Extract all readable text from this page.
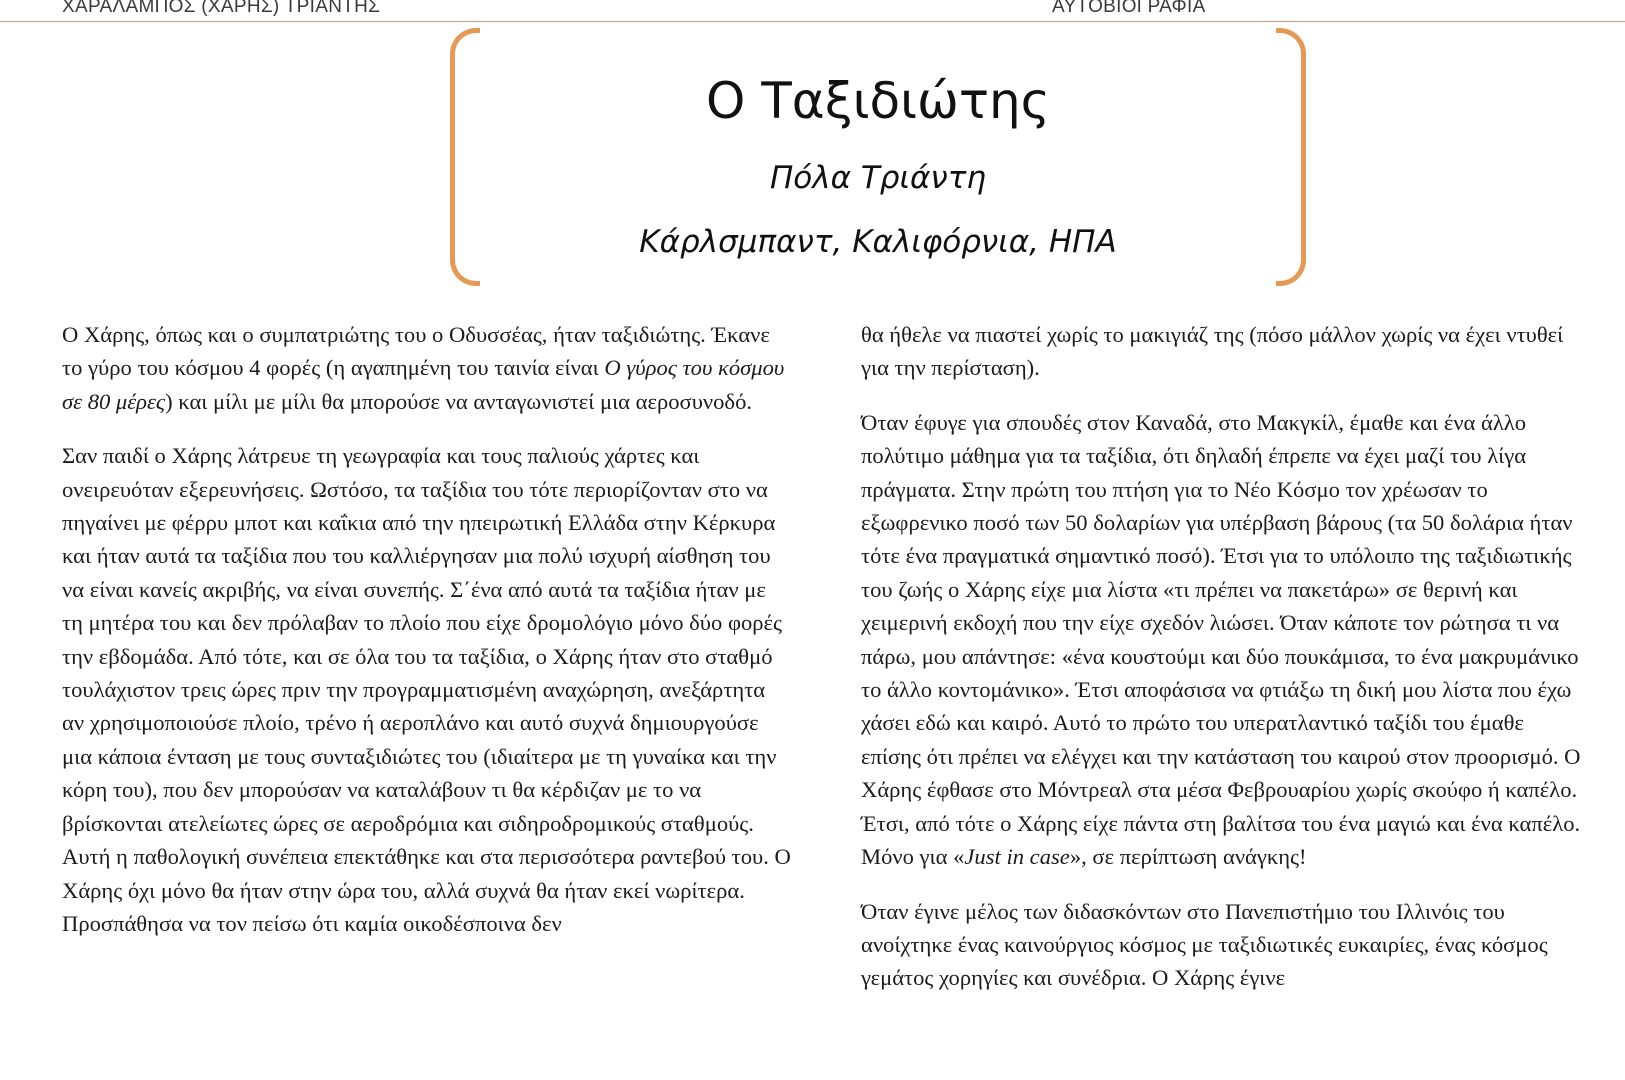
ΧΑΡΑΛΑΜΠΟΣ (ΧΑΡΗΣ) ΤΡΙΑΝΤΗΣ	ΑΥΤΟΒΙΟΓΡΑΦΙΑ
Ο Ταξιδιώτης
Πόλα Τριάντη
Κάρλσμπαντ, Καλιφόρνια, ΗΠΑ

Ο Χάρης, όπως και ο συμπατριώτης του ο Οδυσσέας, ήταν ταξιδιώτης. Έκανε το γύρο του κόσμου 4 φορές (η αγαπημένη του ταινία είναι Ο γύρος του κόσμου σε 80 μέρες) και μίλι με μίλι θα μπορούσε να ανταγωνιστεί μια αεροσυνοδό.

Σαν παιδί ο Χάρης λάτρευε τη γεωγραφία και τους παλιούς χάρτες και ονειρευόταν εξερευνήσεις. Ωστόσο, τα ταξίδια του τότε περιορίζονταν στο να πηγαίνει με φέρρυ μποτ και καΐκια από την ηπειρωτική Ελλάδα στην Κέρκυρα και ήταν αυτά τα ταξίδια που του καλλιέργησαν μια πολύ ισχυρή αίσθηση του να είναι κανείς ακριβής, να είναι συνεπής. Σ΄ένα από αυτά τα ταξίδια ήταν με τη μητέρα του και δεν πρόλαβαν το πλοίο που είχε δρομολόγιο μόνο δύο φορές την εβδομάδα. Από τότε, και σε όλα του τα ταξίδια, ο Χάρης ήταν στο σταθμό τουλάχιστον τρεις ώρες πριν την προγραμματισμένη αναχώρηση, ανεξάρτητα αν χρησιμοποιούσε πλοίο, τρένο ή αεροπλάνο και αυτό συχνά δημιουργούσε μια κάποια ένταση με τους συνταξιδιώτες του (ιδιαίτερα με τη γυναίκα και την κόρη του), που δεν μπορούσαν να καταλάβουν τι θα κέρδιζαν με το να βρίσκονται ατελείωτες ώρες σε αεροδρόμια και σιδηροδρομικούς σταθμούς. Αυτή η παθολογική συνέπεια επεκτάθηκε και στα περισσότερα ραντεβού του. Ο Χάρης όχι μόνο θα ήταν στην ώρα του, αλλά συχνά θα ήταν εκεί νωρίτερα. Προσπάθησα να τον πείσω ότι καμία οικοδέσποινα δεν

θα ήθελε να πιαστεί χωρίς το μακιγιάζ της (πόσο μάλλον χωρίς να έχει ντυθεί για την περίσταση).

Όταν έφυγε για σπουδές στον Καναδά, στο Μακγκίλ, έμαθε και ένα άλλο πολύτιμο μάθημα για τα ταξίδια, ότι δηλαδή έπρεπε να έχει μαζί του λίγα πράγματα. Στην πρώτη του πτήση για το Νέο Κόσμο τον χρέωσαν το εξωφρενικο ποσό των 50 δολαρίων για υπέρβαση βάρους (τα 50 δολάρια ήταν τότε ένα πραγματικά σημαντικό ποσό). Έτσι για το υπόλοιπο της ταξιδιωτικής του ζωής ο Χάρης είχε μια λίστα «τι πρέπει να πακετάρω» σε θερινή και χειμερινή εκδοχή που την είχε σχεδόν λιώσει. Όταν κάποτε τον ρώτησα τι να πάρω, μου απάντησε: «ένα κουστούμι και δύο πουκάμισα, το ένα μακρυμάνικο το άλλο κοντομάνικο». Έτσι αποφάσισα να φτιάξω τη δική μου λίστα που έχω χάσει εδώ και καιρό. Αυτό το πρώτο του υπερατλαντικό ταξίδι του έμαθε επίσης ότι πρέπει να ελέγχει και την κατάσταση του καιρού στον προορισμό. Ο Χάρης έφθασε στο Μόντρεαλ στα μέσα Φεβρουαρίου χωρίς σκούφο ή καπέλο. Έτσι, από τότε ο Χάρης είχε πάντα στη βαλίτσα του ένα μαγιώ και ένα καπέλο. Μόνο για «Just in case», σε περίπτωση ανάγκης!

Όταν έγινε μέλος των διδασκόντων στο Πανεπιστήμιο του Ιλλινόις του ανοίχτηκε ένας καινούργιος κόσμος με ταξιδιωτικές ευκαιρίες, ένας κόσμος γεμάτος χορηγίες και συνέδρια. Ο Χάρης έγινε
